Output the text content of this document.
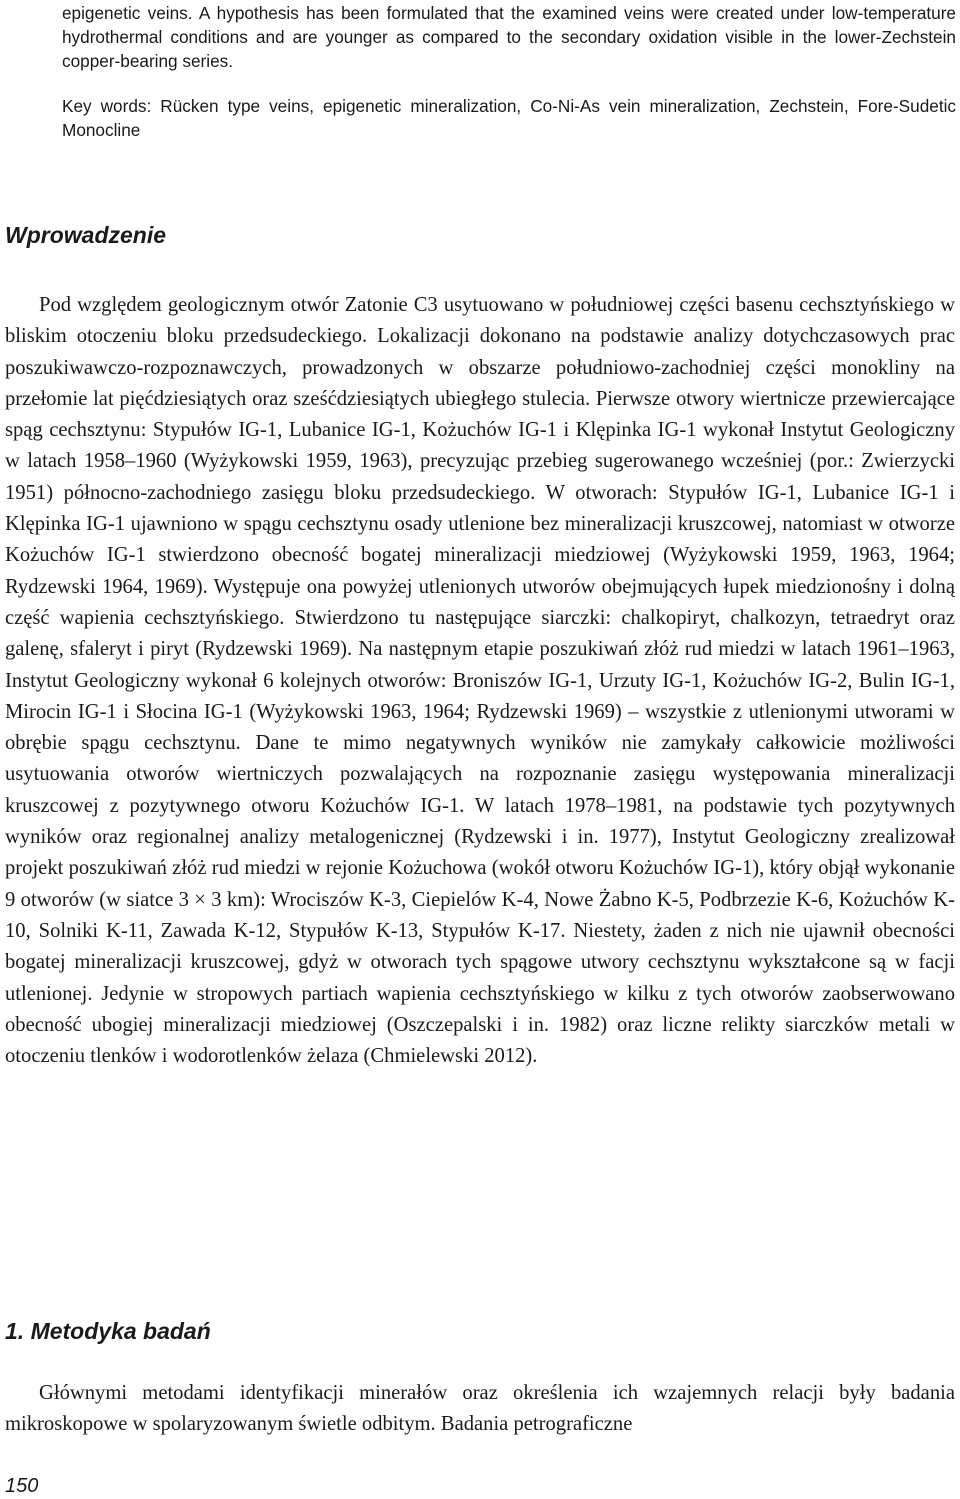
epigenetic veins. A hypothesis has been formulated that the examined veins were created under low-temperature hydrothermal conditions and are younger as compared to the secondary oxidation visible in the lower-Zechstein copper-bearing series.

Key words: Rücken type veins, epigenetic mineralization, Co-Ni-As vein mineralization, Zechstein, Fore-Sudetic Monocline

Wprowadzenie

Pod względem geologicznym otwór Zatonie C3 usytuowano w południowej części basenu cechsztyńskiego w bliskim otoczeniu bloku przedsudeckiego. Lokalizacji dokonano na podstawie analizy dotychczasowych prac poszukiwawczo-rozpoznawczych, prowadzonych w obszarze południowo-zachodniej części monokliny na przełomie lat pięćdziesiątych oraz sześćdziesiątych ubiegłego stulecia. Pierwsze otwory wiertnicze przewiercające spąg cechsztynu: Stypułów IG-1, Lubanice IG-1, Kożuchów IG-1 i Klępinka IG-1 wykonał Instytut Geologiczny w latach 1958–1960 (Wyżykowski 1959, 1963), precyzując przebieg sugerowanego wcześniej (por.: Zwierzycki 1951) północno-zachodniego zasięgu bloku przedsudeckiego. W otworach: Stypułów IG-1, Lubanice IG-1 i Klępinka IG-1 ujawniono w spągu cechsztynu osady utlenione bez mineralizacji kruszcowej, natomiast w otworze Kożuchów IG-1 stwierdzono obecność bogatej mineralizacji miedziowej (Wyżykowski 1959, 1963, 1964; Rydzewski 1964, 1969). Występuje ona powyżej utlenionych utworów obejmujących łupek miedzionośny i dolną część wapienia cechsztyńskiego. Stwierdzono tu następujące siarczki: chalkopiryt, chalkozyn, tetraedryt oraz galenę, sfaleryt i piryt (Rydzewski 1969). Na następnym etapie poszukiwań złóż rud miedzi w latach 1961–1963, Instytut Geologiczny wykonał 6 kolejnych otworów: Broniszów IG-1, Urzuty IG-1, Kożuchów IG-2, Bulin IG-1, Mirocin IG-1 i Słocina IG-1 (Wyżykowski 1963, 1964; Rydzewski 1969) – wszystkie z utlenionymi utworami w obrębie spągu cechsztynu. Dane te mimo negatywnych wyników nie zamykały całkowicie możliwości usytuowania otworów wiertniczych pozwalających na rozpoznanie zasięgu występowania mineralizacji kruszcowej z pozytywnego otworu Kożuchów IG-1. W latach 1978–1981, na podstawie tych pozytywnych wyników oraz regionalnej analizy metalogenicznej (Rydzewski i in. 1977), Instytut Geologiczny zrealizował projekt poszukiwań złóż rud miedzi w rejonie Kożuchowa (wokół otworu Kożuchów IG-1), który objął wykonanie 9 otworów (w siatce 3 × 3 km): Wrociszów K-3, Ciepielów K-4, Nowe Żabno K-5, Podbrzezie K-6, Kożuchów K-10, Solniki K-11, Zawada K-12, Stypułów K-13, Stypułów K-17. Niestety, żaden z nich nie ujawnił obecności bogatej mineralizacji kruszcowej, gdyż w otworach tych spągowe utwory cechsztynu wykształcone są w facji utlenionej. Jedynie w stropowych partiach wapienia cechsztyńskiego w kilku z tych otworów zaobserwowano obecność ubogiej mineralizacji miedziowej (Oszczepalski i in. 1982) oraz liczne relikty siarczków metali w otoczeniu tlenków i wodorotlenków żelaza (Chmielewski 2012).

1. Metodyka badań

Głównymi metodami identyfikacji minerałów oraz określenia ich wzajemnych relacji były badania mikroskopowe w spolaryzowanym świetle odbitym. Badania petrograficzne

150
